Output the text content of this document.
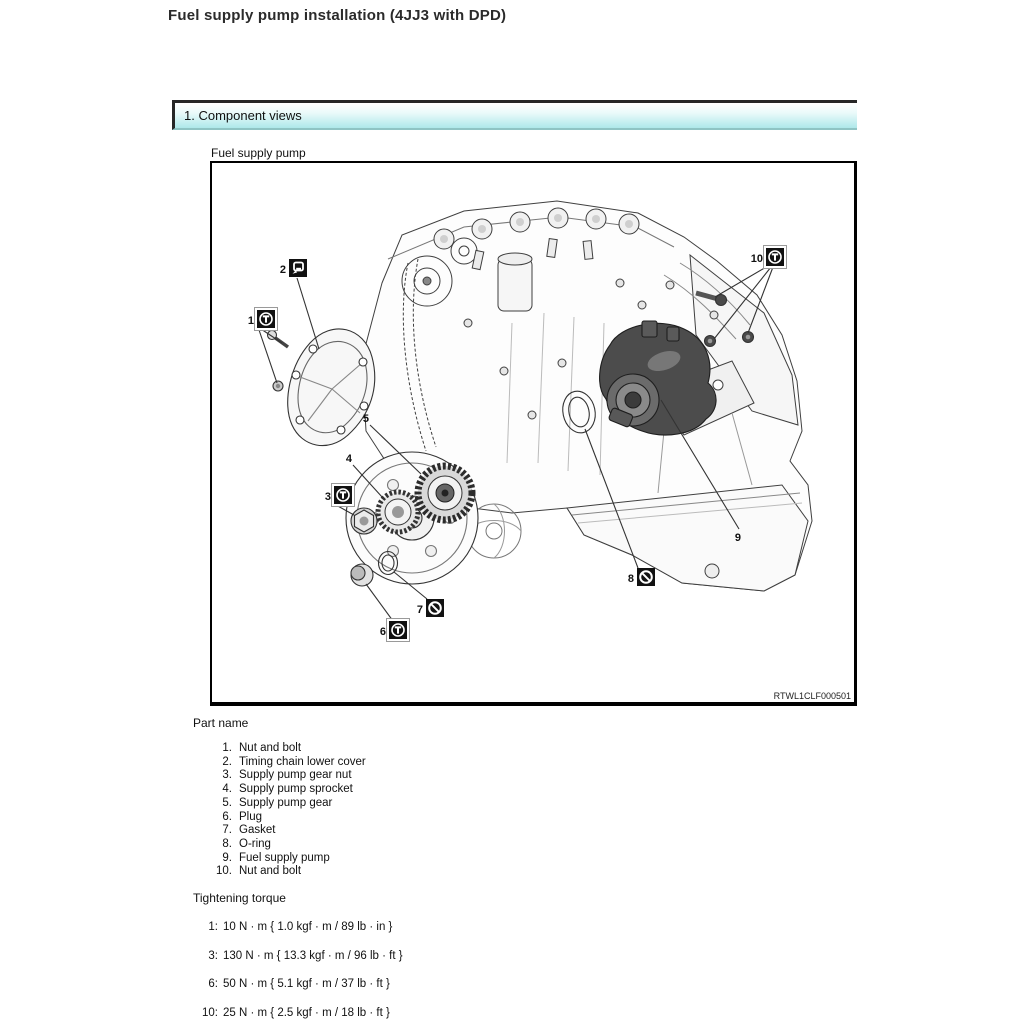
Fuel supply pump installation (4JJ3 with DPD)
1. Component views
Fuel supply pump
1
2
3
4
5
6
7
8
9
10
RTWL1CLF000501
Part name
1. Nut and bolt
2. Timing chain lower cover
3. Supply pump gear nut
4. Supply pump sprocket
5. Supply pump gear
6. Plug
7. Gasket
8. O-ring
9. Fuel supply pump
10. Nut and bolt
Tightening torque
1: 10 N · m { 1.0 kgf · m / 89 lb · in }
3: 130 N · m { 13.3 kgf · m / 96 lb · ft }
6: 50 N · m { 5.1 kgf · m / 37 lb · ft }
10: 25 N · m { 2.5 kgf · m / 18 lb · ft }
